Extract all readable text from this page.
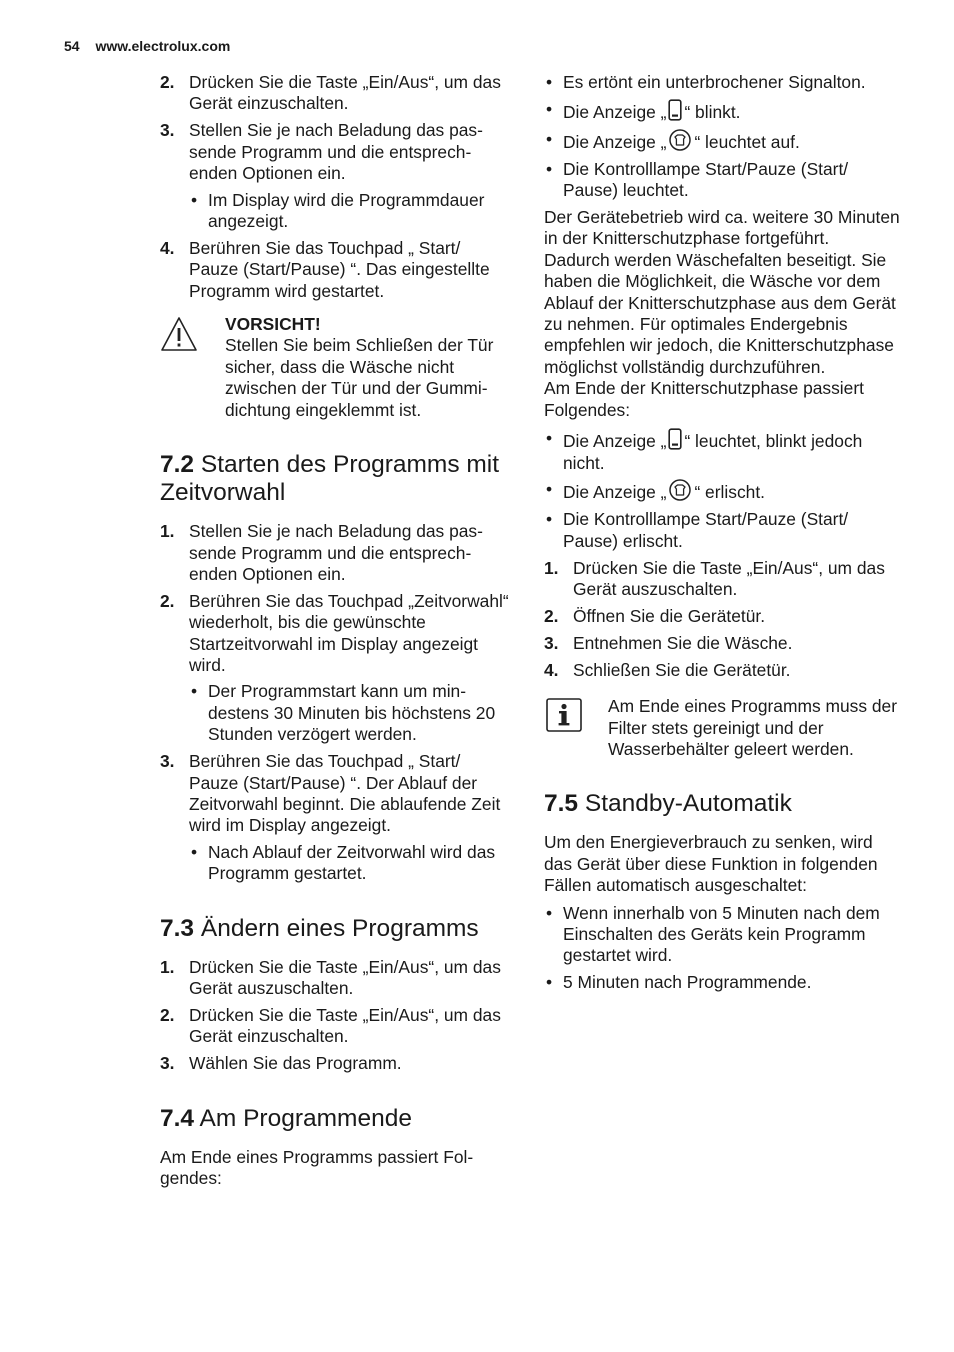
54 www.electrolux.com
2. Drücken Sie die Taste „Ein/Aus“, um das Gerät einzuschalten.
3. Stellen Sie je nach Beladung das passende Programm und die entsprechenden Optionen ein.
• Im Display wird die Programmdauer angezeigt.
4. Berühren Sie das Touchpad „ Start/ Pauze (Start/Pause) “. Das eingestellte Programm wird gestartet.
VORSICHT!
Stellen Sie beim Schließen der Tür sicher, dass die Wäsche nicht zwischen der Tür und der Gummidichtung eingeklemmt ist.
7.2 Starten des Programms mit Zeitvorwahl
1. Stellen Sie je nach Beladung das passende Programm und die entsprechenden Optionen ein.
2. Berühren Sie das Touchpad „Zeitvorwahl“ wiederholt, bis die gewünschte Startzeitvorwahl im Display angezeigt wird.
• Der Programmstart kann um mindestens 30 Minuten bis höchstens 20 Stunden verzögert werden.
3. Berühren Sie das Touchpad „ Start/ Pauze (Start/Pause) “. Der Ablauf der Zeitvorwahl beginnt. Die ablaufende Zeit wird im Display angezeigt.
• Nach Ablauf der Zeitvorwahl wird das Programm gestartet.
7.3 Ändern eines Programms
1. Drücken Sie die Taste „Ein/Aus“, um das Gerät auszuschalten.
2. Drücken Sie die Taste „Ein/Aus“, um das Gerät einzuschalten.
3. Wählen Sie das Programm.
7.4 Am Programmende

Am Ende eines Programms passiert Folgendes:

• Es ertönt ein unterbrochener Signalton.
• Die Anzeige „ “ blinkt.
• Die Anzeige „ “ leuchtet auf.
• Die Kontrolllampe Start/Pauze (Start/ Pause) leuchtet.

Der Gerätebetrieb wird ca. weitere 30 Minuten in der Knitterschutzphase fortgeführt.

Dadurch werden Wäschefalten beseitigt. Sie haben die Möglichkeit, die Wäsche vor dem Ablauf der Knitterschutzphase aus dem Gerät zu nehmen. Für optimales Endergebnis empfehlen wir jedoch, die Knitterschutzphase möglichst vollständig durchzuführen.

Am Ende der Knitterschutzphase passiert Folgendes:

• Die Anzeige „ “ leuchtet, blinkt jedoch nicht.
• Die Anzeige „ “ erlischt.
• Die Kontrolllampe Start/Pauze (Start/ Pause) erlischt.
1. Drücken Sie die Taste „Ein/Aus“, um das Gerät auszuschalten.
2. Öffnen Sie die Gerätetür.
3. Entnehmen Sie die Wäsche.
4. Schließen Sie die Gerätetür.
Am Ende eines Programms muss der Filter stets gereinigt und der Wasserbehälter geleert werden.
7.5 Standby-Automatik

Um den Energieverbrauch zu senken, wird das Gerät über diese Funktion in folgenden Fällen automatisch ausgeschaltet:

• Wenn innerhalb von 5 Minuten nach dem Einschalten des Geräts kein Programm gestartet wird.
• 5 Minuten nach Programmende.
